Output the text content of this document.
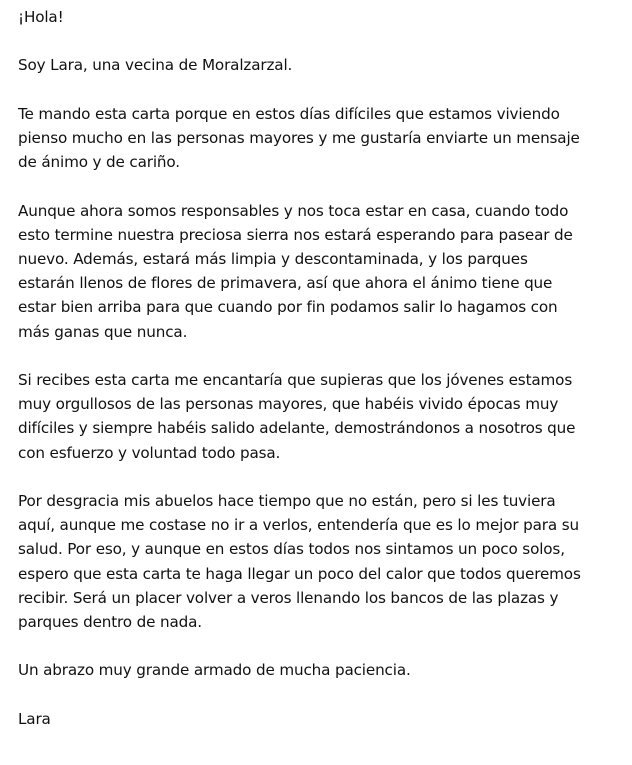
¡Hola!

Soy Lara, una vecina de Moralzarzal.

Te mando esta carta porque en estos días difíciles que estamos viviendo
pienso mucho en las personas mayores y me gustaría enviarte un mensaje
de ánimo y de cariño.

Aunque ahora somos responsables y nos toca estar en casa, cuando todo
esto termine nuestra preciosa sierra nos estará esperando para pasear de
nuevo. Además, estará más limpia y descontaminada, y los parques
estarán llenos de flores de primavera, así que ahora el ánimo tiene que
estar bien arriba para que cuando por fin podamos salir lo hagamos con
más ganas que nunca.

Si recibes esta carta me encantaría que supieras que los jóvenes estamos
muy orgullosos de las personas mayores, que habéis vivido épocas muy
difíciles y siempre habéis salido adelante, demostrándonos a nosotros que
con esfuerzo y voluntad todo pasa.

Por desgracia mis abuelos hace tiempo que no están, pero si les tuviera
aquí, aunque me costase no ir a verlos, entendería que es lo mejor para su
salud. Por eso, y aunque en estos días todos nos sintamos un poco solos,
espero que esta carta te haga llegar un poco del calor que todos queremos
recibir. Será un placer volver a veros llenando los bancos de las plazas y
parques dentro de nada.

Un abrazo muy grande armado de mucha paciencia.

Lara
